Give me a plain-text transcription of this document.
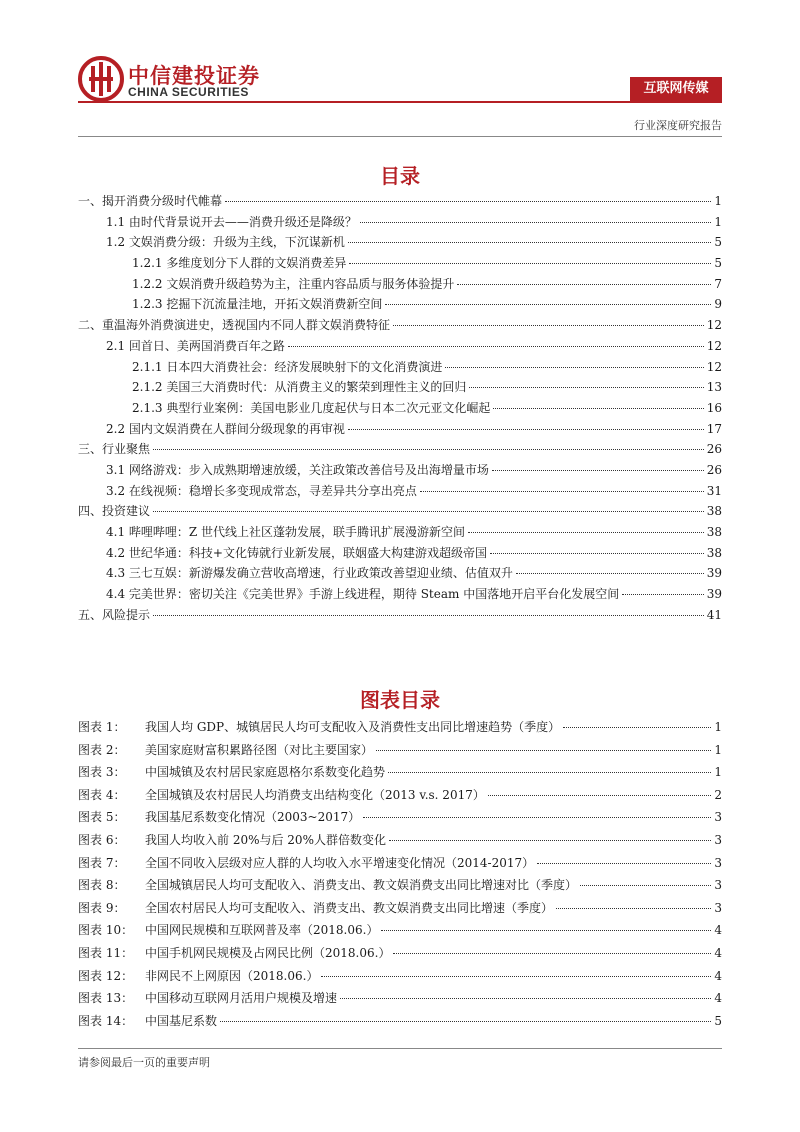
中信建投证券
CHINA SECURITIES	互联网传媒
行业深度研究报告
目录
一、揭开消费分级时代帷幕	1
1.1 由时代背景说开去——消费升级还是降级？	1
1.2 文娱消费分级：升级为主线，下沉谋新机	5
1.2.1 多维度划分下人群的文娱消费差异	5
1.2.2 文娱消费升级趋势为主，注重内容品质与服务体验提升	7
1.2.3 挖掘下沉流量洼地，开拓文娱消费新空间	9
二、重温海外消费演进史，透视国内不同人群文娱消费特征	12
2.1 回首日、美两国消费百年之路	12
2.1.1 日本四大消费社会：经济发展映射下的文化消费演进	12
2.1.2 美国三大消费时代：从消费主义的繁荣到理性主义的回归	13
2.1.3 典型行业案例：美国电影业几度起伏与日本二次元亚文化崛起	16
2.2 国内文娱消费在人群间分级现象的再审视	17
三、行业聚焦	26
3.1 网络游戏：步入成熟期增速放缓，关注政策改善信号及出海增量市场	26
3.2 在线视频：稳增长多变现成常态，寻差异共分享出亮点	31
四、投资建议	38
4.1 哔哩哔哩：Z 世代线上社区蓬勃发展，联手腾讯扩展漫游新空间	38
4.2 世纪华通：科技+文化铸就行业新发展，联姻盛大构建游戏超级帝国	38
4.3 三七互娱：新游爆发确立营收高增速，行业政策改善望迎业绩、估值双升	39
4.4 完美世界：密切关注《完美世界》手游上线进程，期待 Steam 中国落地开启平台化发展空间	39
五、风险提示	41
图表目录
图表 1：	我国人均 GDP、城镇居民人均可支配收入及消费性支出同比增速趋势（季度）	1
图表 2：	美国家庭财富积累路径图（对比主要国家）	1
图表 3：	中国城镇及农村居民家庭恩格尔系数变化趋势	1
图表 4：	全国城镇及农村居民人均消费支出结构变化（2013 v.s. 2017）	2
图表 5：	我国基尼系数变化情况（2003~2017）	3
图表 6：	我国人均收入前 20%与后 20%人群倍数变化	3
图表 7：	全国不同收入层级对应人群的人均收入水平增速变化情况（2014-2017）	3
图表 8：	全国城镇居民人均可支配收入、消费支出、教文娱消费支出同比增速对比（季度）	3
图表 9：	全国农村居民人均可支配收入、消费支出、教文娱消费支出同比增速（季度）	3
图表 10： 中国网民规模和互联网普及率（2018.06.）	4
图表 11： 中国手机网民规模及占网民比例（2018.06.）	4
图表 12： 非网民不上网原因（2018.06.）	4
图表 13： 中国移动互联网月活用户规模及增速	4
图表 14： 中国基尼系数	5
请参阅最后一页的重要声明
